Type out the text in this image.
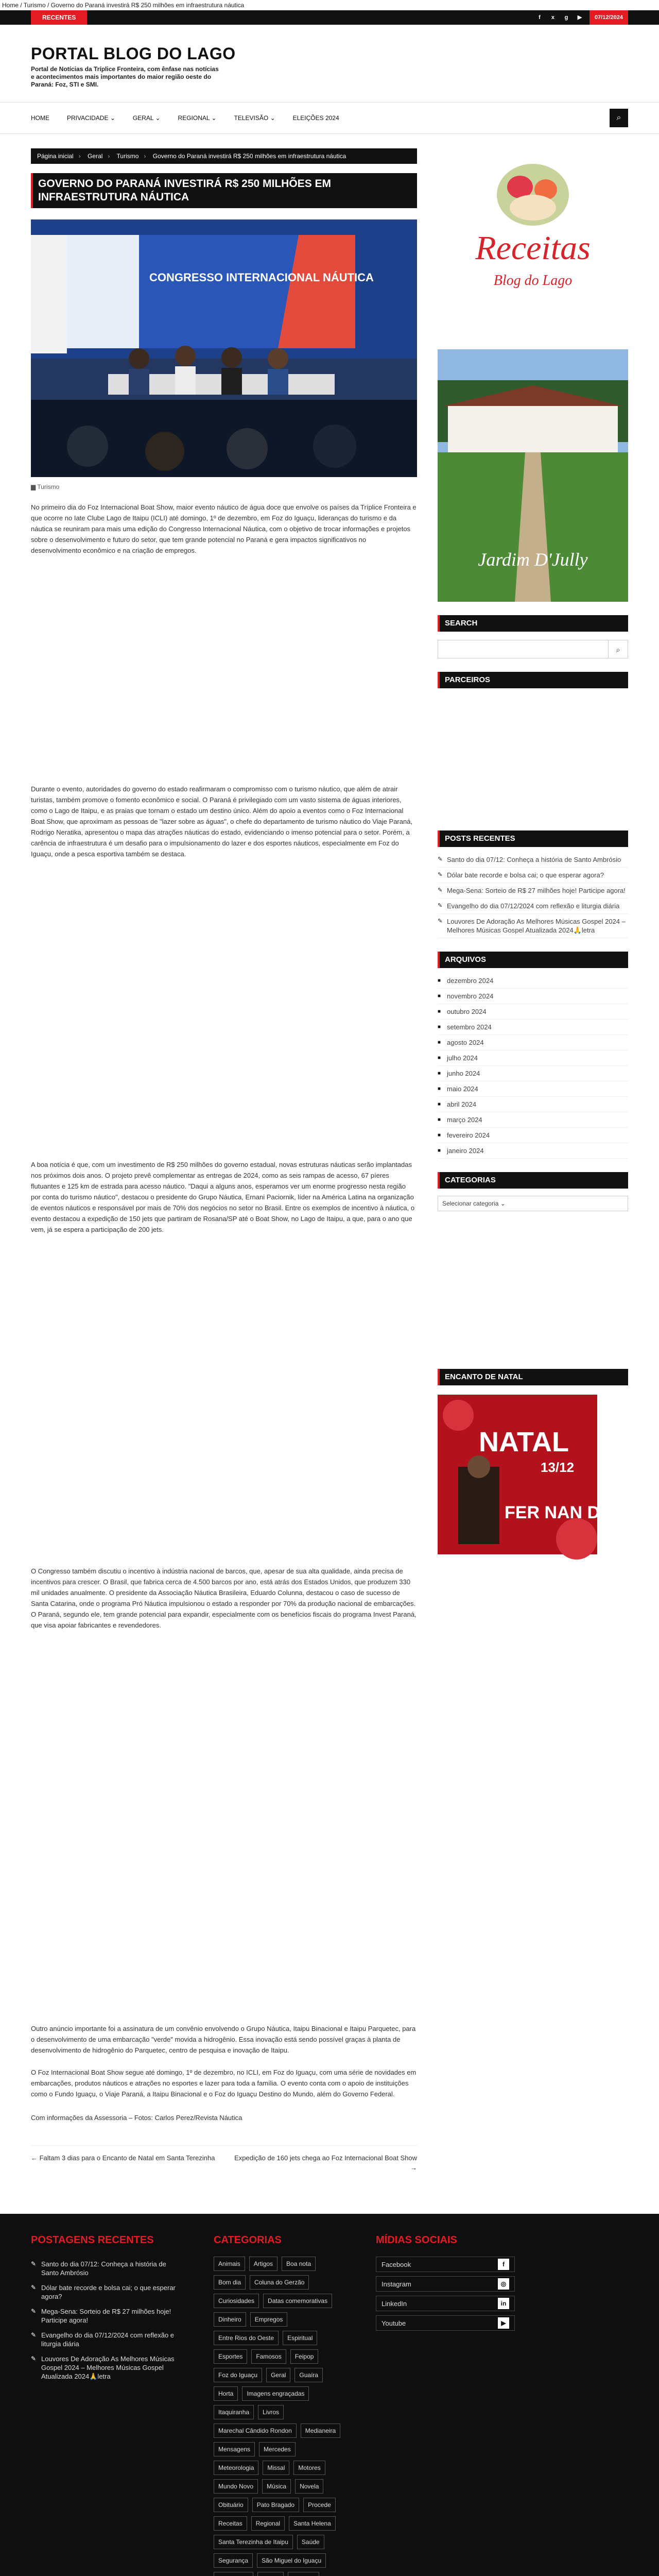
Home / Turismo / Governo do Paraná investirá R$ 250 milhões em infraestrutura náutica
RECENTES	f	x	g	▶	07/12/2024
PORTAL BLOG DO LAGO

Portal de Notícias da Tríplice Fronteira, com ênfase nas notícias e acontecimentos mais importantes do maior região oeste do Paraná: Foz, STI e SMI.

HOME	PRIVACIDADE ⌄	GERAL ⌄	REGIONAL ⌄	TELEVISÃO ⌄	ELEIÇÕES 2024	⌕
Página inicial › Geral › Turismo › Governo do Paraná investirá R$ 250 milhões em infraestrutura náutica
GOVERNO DO PARANÁ INVESTIRÁ R$ 250 MILHÕES EM INFRAESTRUTURA NÁUTICA
CONGRESSO INTERNACIONAL NÁUTICA
▆ Turismo

No primeiro dia do Foz Internacional Boat Show, maior evento náutico de água doce que envolve os países da Tríplice Fronteira e que ocorre no Iate Clube Lago de Itaipu (ICLI) até domingo, 1º de dezembro, em Foz do Iguaçu, lideranças do turismo e da náutica se reuniram para mais uma edição do Congresso Internacional Náutica, com o objetivo de trocar informações e projetos sobre o desenvolvimento e futuro do setor, que tem grande potencial no Paraná e gera impactos significativos no desenvolvimento econômico e na criação de empregos.

Durante o evento, autoridades do governo do estado reafirmaram o compromisso com o turismo náutico, que além de atrair turistas, também promove o fomento econômico e social. O Paraná é privilegiado com um vasto sistema de águas interiores, como o Lago de Itaipu, e as praias que tornam o estado um destino único. Além do apoio a eventos como o Foz Internacional Boat Show, que aproximam as pessoas de "lazer sobre as águas", o chefe do departamento de turismo náutico do Viaje Paraná, Rodrigo Neratika, apresentou o mapa das atrações náuticas do estado, evidenciando o imenso potencial para o setor. Porém, a carência de infraestrutura é um desafio para o impulsionamento do lazer e dos esportes náuticos, especialmente em Foz do Iguaçu, onde a pesca esportiva também se destaca.

A boa notícia é que, com um investimento de R$ 250 milhões do governo estadual, novas estruturas náuticas serão implantadas nos próximos dois anos. O projeto prevê complementar as entregas de 2024, como as seis rampas de acesso, 67 píeres flutuantes e 125 km de estrada para acesso náutico. "Daqui a alguns anos, esperamos ver um enorme progresso nesta região por conta do turismo náutico", destacou o presidente do Grupo Náutica, Ernani Paciornik, líder na América Latina na organização de eventos náuticos e responsável por mais de 70% dos negócios no setor no Brasil. Entre os exemplos de incentivo à náutica, o evento destacou a expedição de 150 jets que partiram de Rosana/SP até o Boat Show, no Lago de Itaipu, a que, para o ano que vem, já se espera a participação de 200 jets.

O Congresso também discutiu o incentivo à indústria nacional de barcos, que, apesar de sua alta qualidade, ainda precisa de incentivos para crescer. O Brasil, que fabrica cerca de 4.500 barcos por ano, está atrás dos Estados Unidos, que produzem 330 mil unidades anualmente. O presidente da Associação Náutica Brasileira, Eduardo Colunna, destacou o caso de sucesso de Santa Catarina, onde o programa Pró Náutica impulsionou o estado a responder por 70% da produção nacional de embarcações. O Paraná, segundo ele, tem grande potencial para expandir, especialmente com os benefícios fiscais do programa Invest Paraná, que visa apoiar fabricantes e revendedores.

Outro anúncio importante foi a assinatura de um convênio envolvendo o Grupo Náutica, Itaipu Binacional e Itaipu Parquetec, para o desenvolvimento de uma embarcação "verde" movida a hidrogênio. Essa inovação está sendo possível graças à planta de desenvolvimento de hidrogênio do Parquetec, centro de pesquisa e inovação de Itaipu.

O Foz Internacional Boat Show segue até domingo, 1º de dezembro, no ICLI, em Foz do Iguaçu, com uma série de novidades em embarcações, produtos náuticos e atrações no esportes e lazer para toda a família. O evento conta com o apoio de instituições como o Fundo Iguaçu, o Viaje Paraná, a Itaipu Binacional e o Foz do Iguaçu Destino do Mundo, além do Governo Federal.

Com informações da Assessoria – Fotos: Carlos Perez/Revista Náutica

← Faltam 3 dias para o Encanto de Natal em Santa Terezinha	Expedição de 160 jets chega ao Foz Internacional Boat Show →
Receitas
Blog do Lago
Jardim D'Jully
SEARCH
⌕
PARCEIROS
POSTS RECENTES
✎ Santo do dia 07/12: Conheça a história de Santo Ambrósio
✎ Dólar bate recorde e bolsa cai; o que esperar agora?
✎ Mega-Sena: Sorteio de R$ 27 milhões hoje! Participe agora!
✎ Evangelho do dia 07/12/2024 com reflexão e liturgia diária
✎ Louvores De Adoração As Melhores Músicas Gospel 2024 – Melhores Músicas Gospel Atualizada 2024🙏letra
ARQUIVOS
■ dezembro 2024
■ novembro 2024
■ outubro 2024
■ setembro 2024
■ agosto 2024
■ julho 2024
■ junho 2024
■ maio 2024
■ abril 2024
■ março 2024
■ fevereiro 2024
■ janeiro 2024
CATEGORIAS
Selecionar categoria ⌄
ENCANTO DE NATAL
NATAL
13/12
FER NAN DINHO
POSTAGENS RECENTES
✎ Santo do dia 07/12: Conheça a história de Santo Ambrósio
✎ Dólar bate recorde e bolsa cai; o que esperar agora?
✎ Mega-Sena: Sorteio de R$ 27 milhões hoje! Participe agora!
✎ Evangelho do dia 07/12/2024 com reflexão e liturgia diária
✎ Louvores De Adoração As Melhores Músicas Gospel 2024 – Melhores Músicas Gospel Atualizada 2024🙏letra
CATEGORIAS
Animais	Artigos	Boa nota
Bom dia	Coluna do Gerzão
Curiosidades	Datas comemorativas
Dinheiro	Empregos
Entre Rios do Oeste	Espiritual
Esportes	Famosos	Feipop
Foz do Iguaçu	Geral	Guaíra
Horta	Imagens engraçadas
Itaquiranha	Livros
Marechal Cândido Rondon	Medianeira
Mensagens	Mercedes
Meteorologia	Missal	Motores
Mundo Novo	Música	Novela
Obituário	Pato Bragado	Procede
Receitas	Regional	Santa Helena
Santa Terezinha de Itaipu	Saúde
Segurança	São Miguel do Iguaçu
MÍDIAS SOCIAIS
Facebook	f
Instagram	◎
LinkedIn	in
Youtube	▶
